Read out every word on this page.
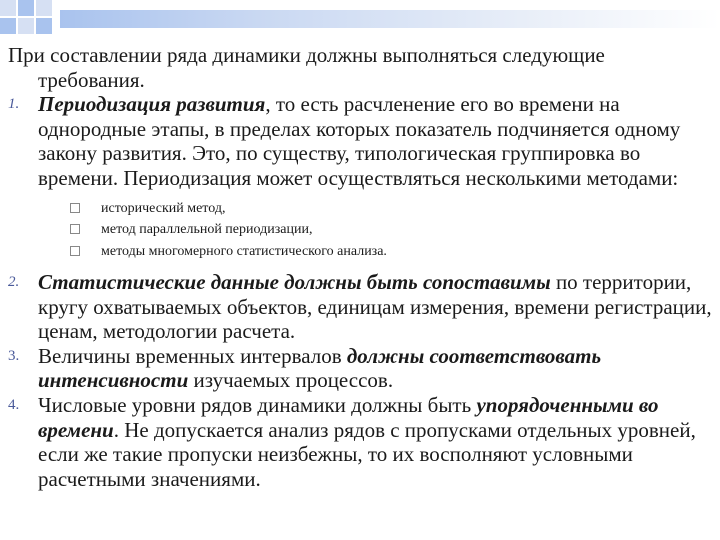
При составлении ряда динамики должны выполняться следующие требования.

1. Периодизация развития, то есть расчленение его во времени на однородные этапы, в пределах которых показатель подчиняется одному закону развития. Это, по существу, типологическая группировка во времени. Периодизация может осуществляться несколькими методами:
исторический метод,
метод параллельной периодизации,
методы многомерного статистического анализа.
2. Статистические данные должны быть сопоставимы по территории, кругу охватываемых объектов, единицам измерения, времени регистрации, ценам, методологии расчета.
3. Величины временных интервалов должны соответствовать интенсивности изучаемых процессов.
4. Числовые уровни рядов динамики должны быть упорядоченными во времени. Не допускается анализ рядов с пропусками отдельных уровней, если же такие пропуски неизбежны, то их восполняют условными расчетными значениями.
